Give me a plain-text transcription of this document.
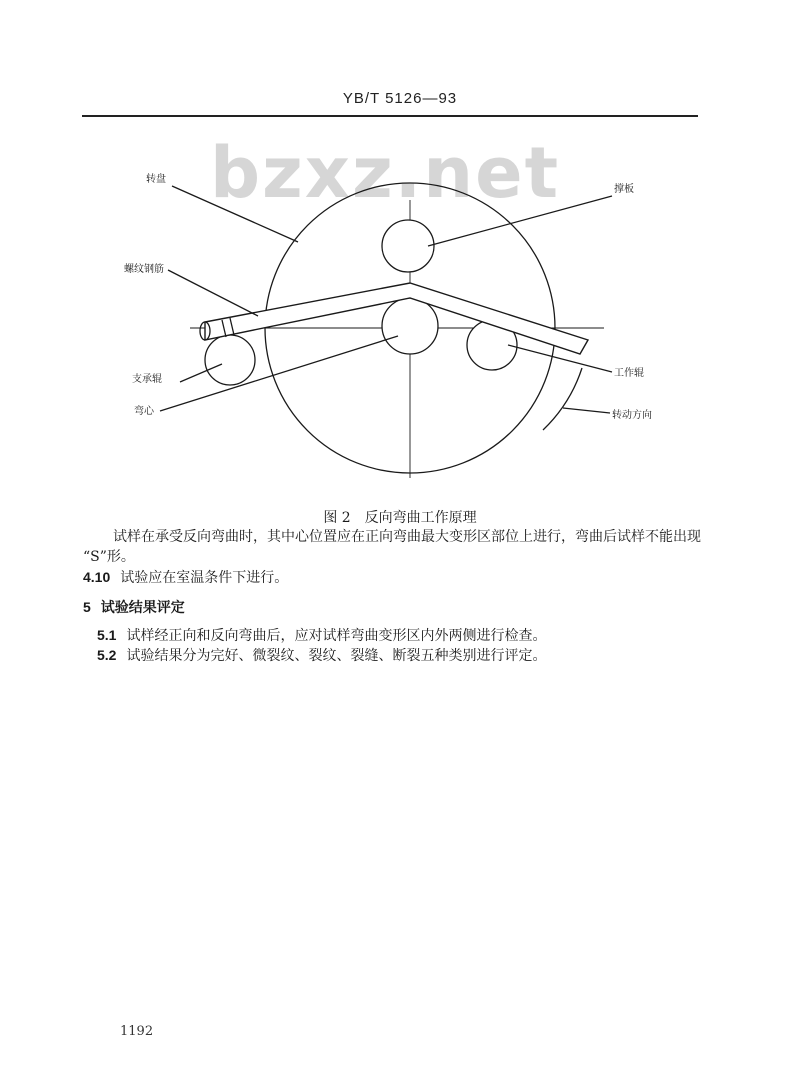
YB/T 5126—93
bzxz.net
转盘
撑板
螺纹钢筋
工作辊
支承辊
转动方向
弯心
图 2　反向弯曲工作原理
试样在承受反向弯曲时，其中心位置应在正向弯曲最大变形区部位上进行，弯曲后试样不能出现
“S”形。
4.10 试验应在室温条件下进行。
5 试验结果评定
5.1 试样经正向和反向弯曲后，应对试样弯曲变形区内外两侧进行检查。
5.2 试验结果分为完好、微裂纹、裂纹、裂缝、断裂五种类别进行评定。
1192
